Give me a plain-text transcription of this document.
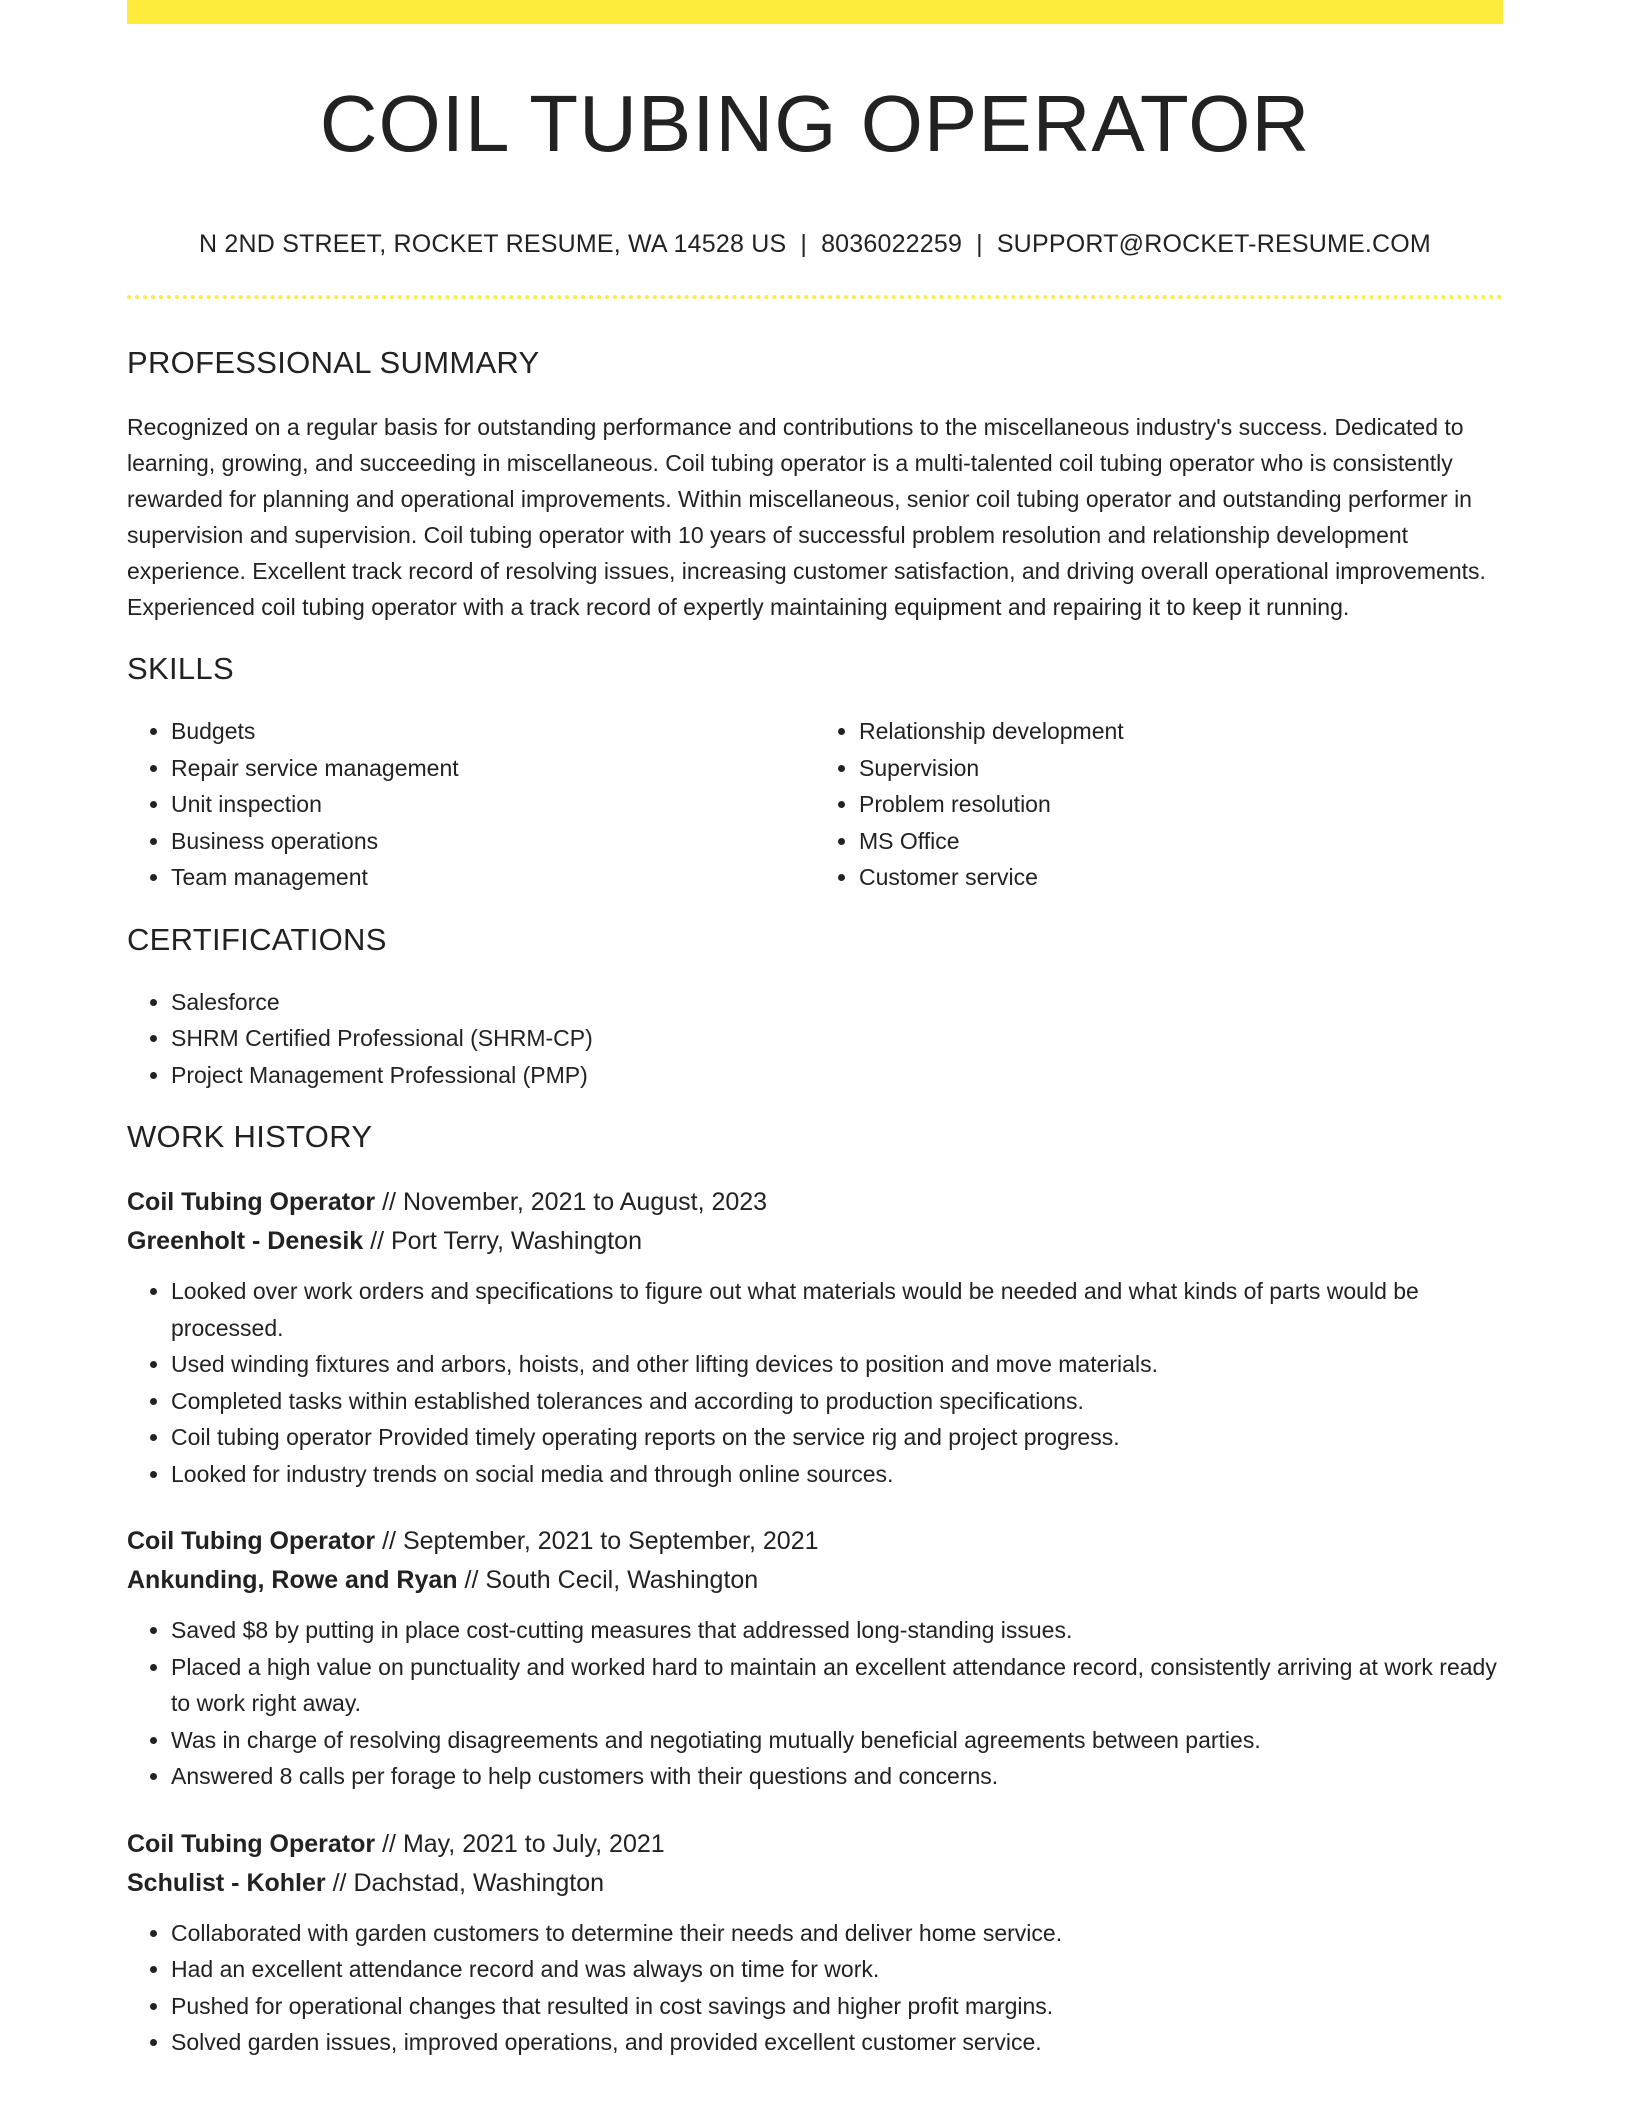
COIL TUBING OPERATOR
N 2ND STREET, ROCKET RESUME, WA 14528 US | 8036022259 | SUPPORT@ROCKET-RESUME.COM
PROFESSIONAL SUMMARY

Recognized on a regular basis for outstanding performance and contributions to the miscellaneous industry's success. Dedicated to learning, growing, and succeeding in miscellaneous. Coil tubing operator is a multi-talented coil tubing operator who is consistently rewarded for planning and operational improvements. Within miscellaneous, senior coil tubing operator and outstanding performer in supervision and supervision. Coil tubing operator with 10 years of successful problem resolution and relationship development experience. Excellent track record of resolving issues, increasing customer satisfaction, and driving overall operational improvements. Experienced coil tubing operator with a track record of expertly maintaining equipment and repairing it to keep it running.

SKILLS
• Budgets
• Repair service management
• Unit inspection
• Business operations
• Team management
• Relationship development
• Supervision
• Problem resolution
• MS Office
• Customer service
CERTIFICATIONS
• Salesforce
• SHRM Certified Professional (SHRM-CP)
• Project Management Professional (PMP)
WORK HISTORY
Coil Tubing Operator // November, 2021 to August, 2023
Greenholt - Denesik // Port Terry, Washington
• Looked over work orders and specifications to figure out what materials would be needed and what kinds of parts would be processed.
• Used winding fixtures and arbors, hoists, and other lifting devices to position and move materials.
• Completed tasks within established tolerances and according to production specifications.
• Coil tubing operator Provided timely operating reports on the service rig and project progress.
• Looked for industry trends on social media and through online sources.
Coil Tubing Operator // September, 2021 to September, 2021
Ankunding, Rowe and Ryan // South Cecil, Washington
• Saved $8 by putting in place cost-cutting measures that addressed long-standing issues.
• Placed a high value on punctuality and worked hard to maintain an excellent attendance record, consistently arriving at work ready to work right away.
• Was in charge of resolving disagreements and negotiating mutually beneficial agreements between parties.
• Answered 8 calls per forage to help customers with their questions and concerns.
Coil Tubing Operator // May, 2021 to July, 2021
Schulist - Kohler // Dachstad, Washington
• Collaborated with garden customers to determine their needs and deliver home service.
• Had an excellent attendance record and was always on time for work.
• Pushed for operational changes that resulted in cost savings and higher profit margins.
• Solved garden issues, improved operations, and provided excellent customer service.
